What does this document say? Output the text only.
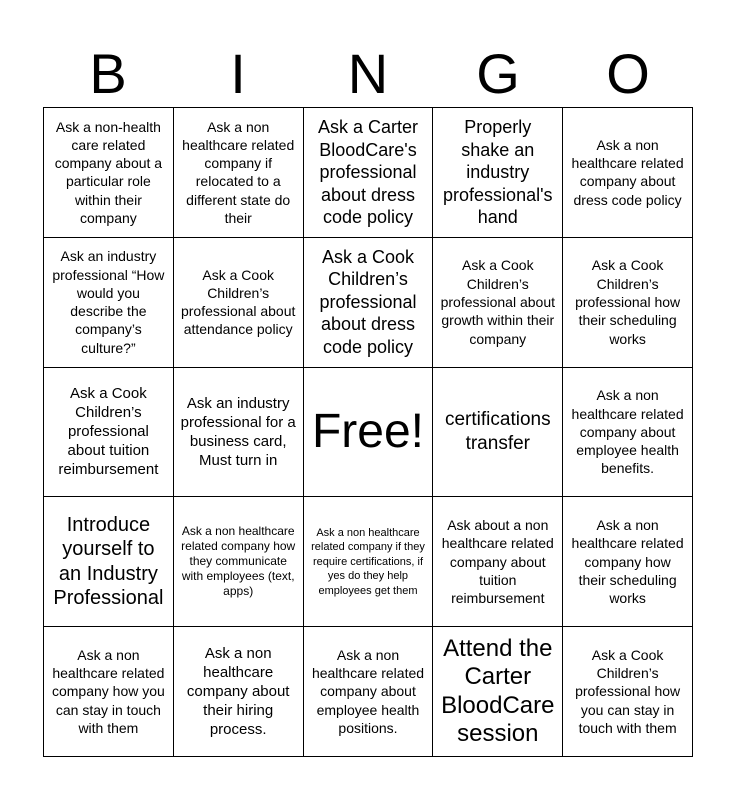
B	I	N	G	O
Ask a non-health care related company about a particular role within their company
Ask a non healthcare related company if relocated to a different state do their
Ask a Carter BloodCare's professional about dress code policy
Properly shake an industry professional's hand
Ask a non healthcare related company about dress code policy
Ask an industry professional “How would you describe the company’s culture?”
Ask a Cook Children’s professional about attendance policy
Ask a Cook Children’s professional about dress code policy
Ask a Cook Children’s professional about growth within their company
Ask a Cook Children’s professional how their scheduling works
Ask a Cook Children’s professional about tuition reimbursement
Ask an industry professional for a business card, Must turn in
Free! certifications transfer
Ask a non healthcare related company about employee health benefits.
Introduce yourself to an Industry Professional
Ask a non healthcare related company how they communicate with employees (text, apps)
Ask a non healthcare related company if they require certifications, if yes do they help employees get them
Ask about a non healthcare related company about tuition reimbursement
Ask a non healthcare related company how their scheduling works
Ask a non healthcare related company how you can stay in touch with them
Ask a non healthcare company about their hiring process.
Ask a non healthcare related company about employee health positions.
Attend the Carter BloodCare session
Ask a Cook Children’s professional how you can stay in touch with them
